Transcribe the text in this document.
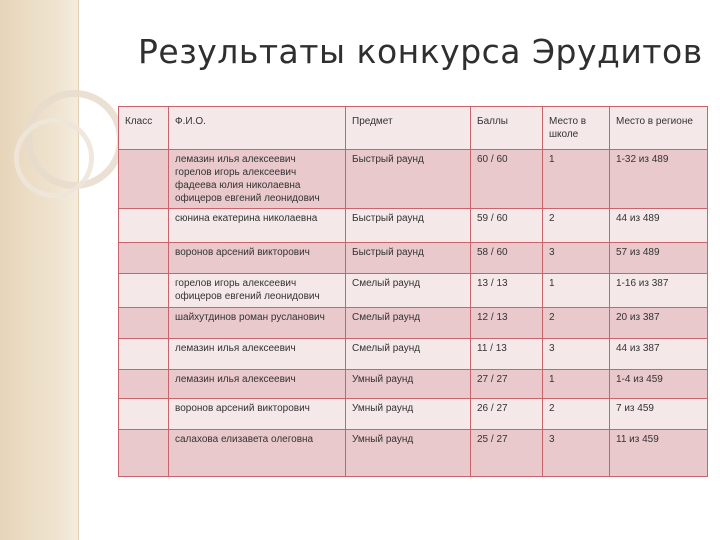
Результаты конкурса Эрудитов
Класс	Ф.И.О.	Предмет	Баллы	Место в школе	Место в регионе

	лемазин илья алексеевич
горелов игорь алексеевич
фадеева юлия николаевна
офицеров евгений леонидович	Быстрый раунд	60 / 60	1	1-32 из 489

	сюнина екатерина николаевна	Быстрый раунд	59 / 60	2	44 из 489

	воронов арсений викторович	Быстрый раунд	58 / 60	3	57 из 489

	горелов игорь алексеевич
офицеров евгений леонидович	Смелый раунд	13 / 13	1	1-16 из 387

	шайхутдинов роман русланович	Смелый раунд	12 / 13	2	20 из 387

	лемазин илья алексеевич	Смелый раунд	11 / 13	3	44 из 387

	лемазин илья алексеевич	Умный раунд	27 / 27	1	1-4 из 459

	воронов арсений викторович	Умный раунд	26 / 27	2	7 из 459

	салахова елизавета олеговна	Умный раунд	25 / 27	3	11 из 459
